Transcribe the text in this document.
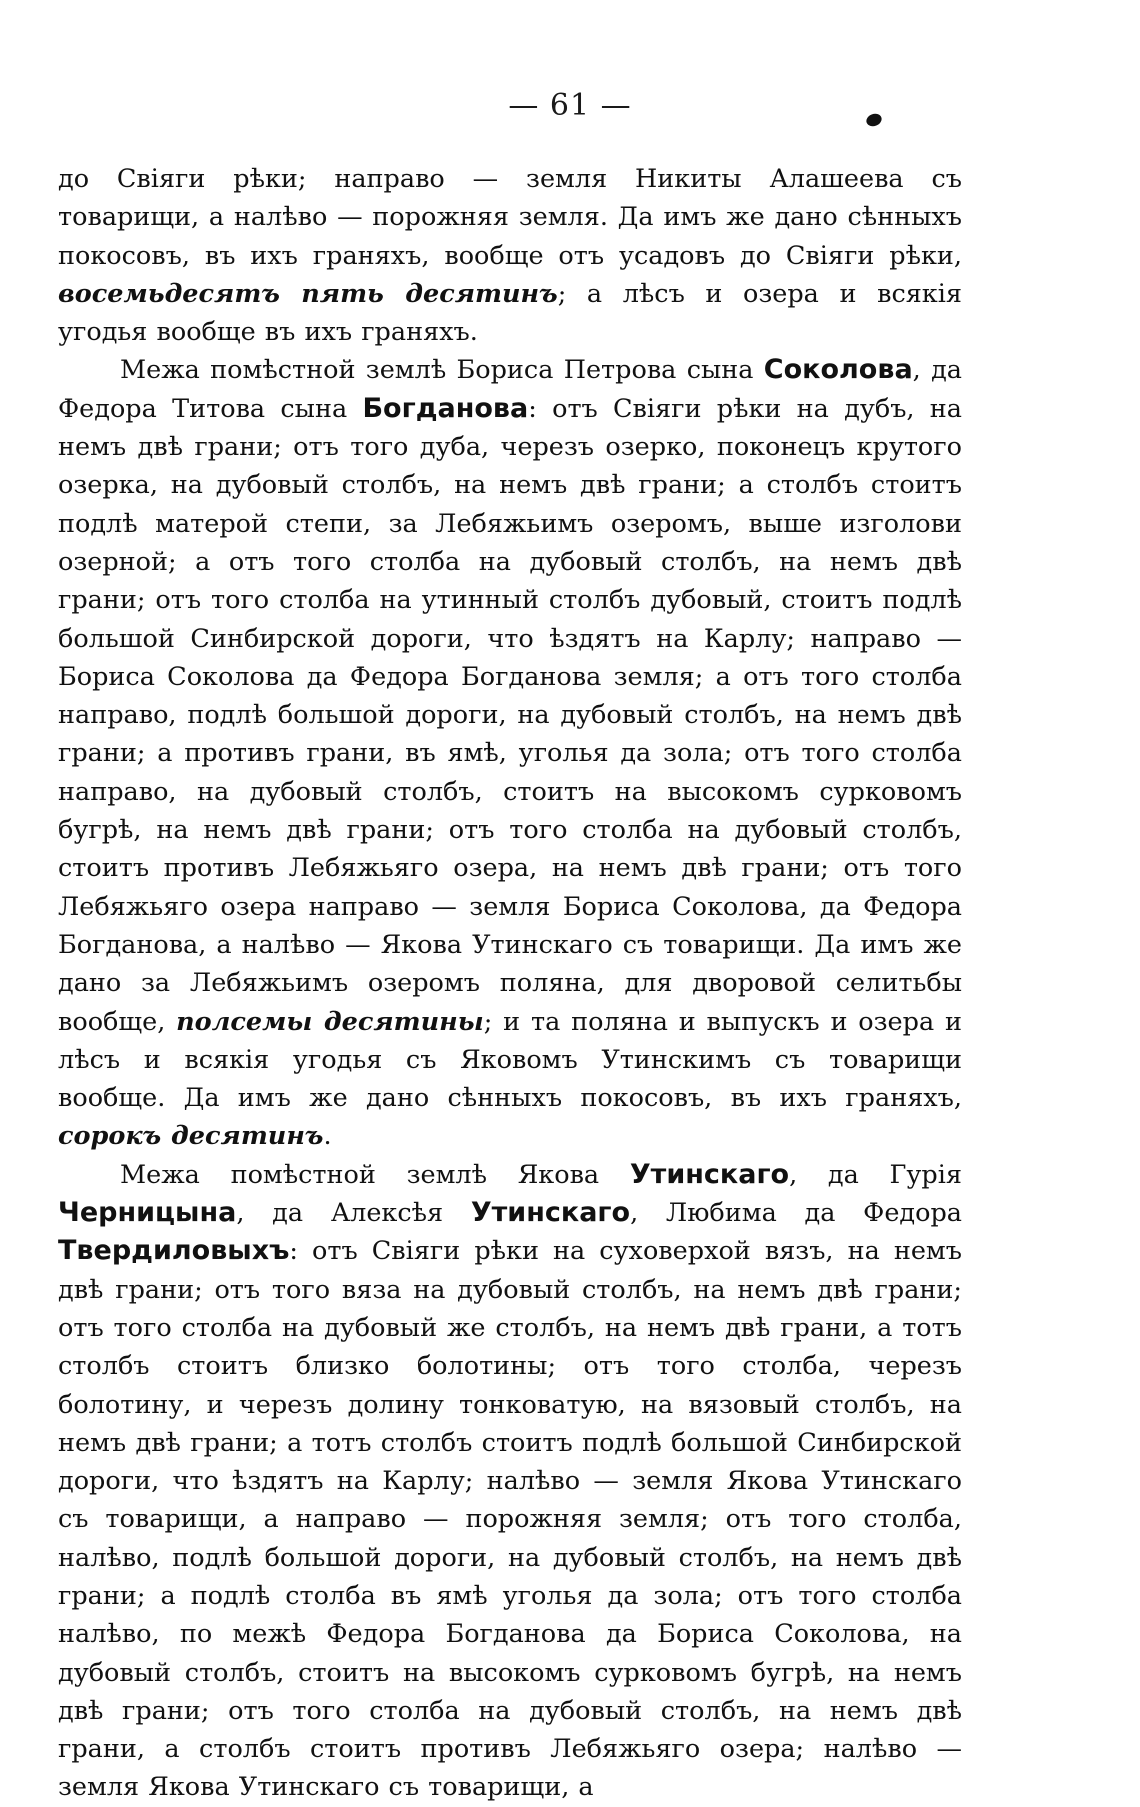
— 61 —

до Свіяги рѣки; направо — земля Никиты Алашеева съ товарищи, а налѣво — порожняя земля. Да имъ же дано сѣнныхъ покосовъ, въ ихъ граняхъ, вообще отъ усадовъ до Свіяги рѣки, восемьдесятъ пять десятинъ; а лѣсъ и озера и всякія угодья вообще въ ихъ граняхъ.

Межа помѣстной землѣ Бориса Петрова сына Соколова, да Федора Титова сына Богданова: отъ Свіяги рѣки на дубъ, на немъ двѣ грани; отъ того дуба, черезъ озерко, поконецъ крутого озерка, на дубовый столбъ, на немъ двѣ грани; а столбъ стоитъ подлѣ матерой степи, за Лебяжьимъ озеромъ, выше изголови озерной; а отъ того столба на дубовый столбъ, на немъ двѣ грани; отъ того столба на утинный столбъ дубовый, стоитъ подлѣ большой Синбирской дороги, что ѣздятъ на Карлу; направо — Бориса Соколова да Федора Богданова земля; а отъ того столба направо, подлѣ большой дороги, на дубовый столбъ, на немъ двѣ грани; а противъ грани, въ ямѣ, уголья да зола; отъ того столба направо, на дубовый столбъ, стоитъ на высокомъ сурковомъ бугрѣ, на немъ двѣ грани; отъ того столба на дубовый столбъ, стоитъ противъ Лебяжьяго озера, на немъ двѣ грани; отъ того Лебяжьяго озера направо — земля Бориса Соколова, да Федора Богданова, а налѣво — Якова Утинскаго съ товарищи. Да имъ же дано за Лебяжьимъ озеромъ поляна, для дворовой селитьбы вообще, полсемы десятины; и та поляна и выпускъ и озера и лѣсъ и всякія угодья съ Яковомъ Утинскимъ съ товарищи вообще. Да имъ же дано сѣнныхъ покосовъ, въ ихъ граняхъ, сорокъ десятинъ.

Межа помѣстной землѣ Якова Утинскаго, да Гурія Черницына, да Алексѣя Утинскаго, Любима да Федора Твердиловыхъ: отъ Свіяги рѣки на суховерхой вязъ, на немъ двѣ грани; отъ того вяза на дубовый столбъ, на немъ двѣ грани; отъ того столба на дубовый же столбъ, на немъ двѣ грани, а тотъ столбъ стоитъ близко болотины; отъ того столба, черезъ болотину, и черезъ долину тонковатую, на вязовый столбъ, на немъ двѣ грани; а тотъ столбъ стоитъ подлѣ большой Синбирской дороги, что ѣздятъ на Карлу; налѣво — земля Якова Утинскаго съ товарищи, а направо — порожняя земля; отъ того столба, налѣво, подлѣ большой дороги, на дубовый столбъ, на немъ двѣ грани; а подлѣ столба въ ямѣ уголья да зола; отъ того столба налѣво, по межѣ Федора Богданова да Бориса Соколова, на дубовый столбъ, стоитъ на высокомъ сурковомъ бугрѣ, на немъ двѣ грани; отъ того столба на дубовый столбъ, на немъ двѣ грани, а столбъ стоитъ противъ Лебяжьяго озера; налѣво — земля Якова Утинскаго съ товарищи, а
